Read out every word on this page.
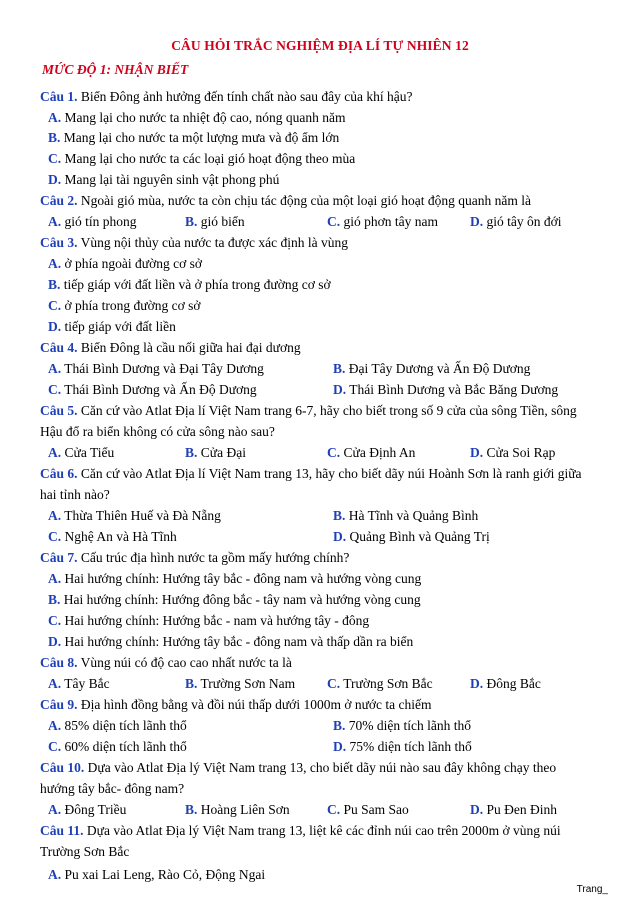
CÂU HỎI TRẮC NGHIỆM ĐỊA LÍ TỰ NHIÊN 12
MỨC ĐỘ 1: NHẬN BIẾT
Câu 1. Biển Đông ảnh hưởng đến tính chất nào sau đây của khí hậu?
A. Mang lại cho nước ta nhiệt độ cao, nóng quanh năm
B. Mang lại cho nước ta một lượng mưa và độ ẩm lớn
C. Mang lại cho nước ta các loại gió hoạt động theo mùa
D. Mang lại tài nguyên sinh vật phong phú
Câu 2. Ngoài gió mùa, nước ta còn chịu tác động của một loại gió hoạt động quanh năm là
A. gió tín phong	B. gió biển	C. gió phơn tây nam D. gió tây ôn đới
Câu 3. Vùng nội thủy của nước ta được xác định là vùng
A. ở phía ngoài đường cơ sở
B. tiếp giáp với đất liền và ở phía trong đường cơ sở
C. ở phía trong đường cơ sở
D. tiếp giáp với đất liền
Câu 4. Biển Đông là cầu nối giữa hai đại dương
A. Thái Bình Dương và Đại Tây Dương	B. Đại Tây Dương và Ấn Độ Dương
C. Thái Bình Dương và Ấn Độ Dương	D. Thái Bình Dương và Bắc Băng Dương
Câu 5. Căn cứ vào Atlat Địa lí Việt Nam trang 6-7, hãy cho biết trong số 9 cửa của sông Tiền, sông
Hậu đổ ra biển không có cửa sông nào sau?
A. Cửa Tiểu	B. Cửa Đại	C. Cửa Định An	D. Cửa Soi Rạp
Câu 6. Căn cứ vào Atlat Địa lí Việt Nam trang 13, hãy cho biết dãy núi Hoành Sơn là ranh giới giữa
hai tỉnh nào?
A. Thừa Thiên Huế và Đà Nẵng	B. Hà Tĩnh và Quảng Bình
C. Nghệ An và Hà Tĩnh	D. Quảng Bình và Quảng Trị
Câu 7. Cấu trúc địa hình nước ta gồm mấy hướng chính?
A. Hai hướng chính: Hướng tây bắc - đông nam và hướng vòng cung
B. Hai hướng chính: Hướng đông bắc - tây nam và hướng vòng cung
C. Hai hướng chính: Hướng bắc - nam và hướng tây - đông
D. Hai hướng chính: Hướng tây bắc - đông nam và thấp dần ra biển
Câu 8. Vùng núi có độ cao cao nhất nước ta là
A. Tây Bắc	B. Trường Sơn Nam C. Trường Sơn Bắc	D. Đông Bắc
Câu 9. Địa hình đồng bằng và đồi núi thấp dưới 1000m ở nước ta chiếm
A. 85% diện tích lãnh thổ	B. 70% diện tích lãnh thổ
C. 60% diện tích lãnh thổ	D. 75% diện tích lãnh thổ
Câu 10. Dựa vào Atlat Địa lý Việt Nam trang 13, cho biết dãy núi nào sau đây không chạy theo
hướng tây bắc- đông nam?
A. Đông Triều	B. Hoàng Liên Sơn	C. Pu Sam Sao	D. Pu Đen Đinh
Câu 11. Dựa vào Atlat Địa lý Việt Nam trang 13, liệt kê các đỉnh núi cao trên 2000m ở vùng núi
Trường Sơn Bắc
A. Pu xai Lai Leng, Rào Cỏ, Động Ngai
Trang_
